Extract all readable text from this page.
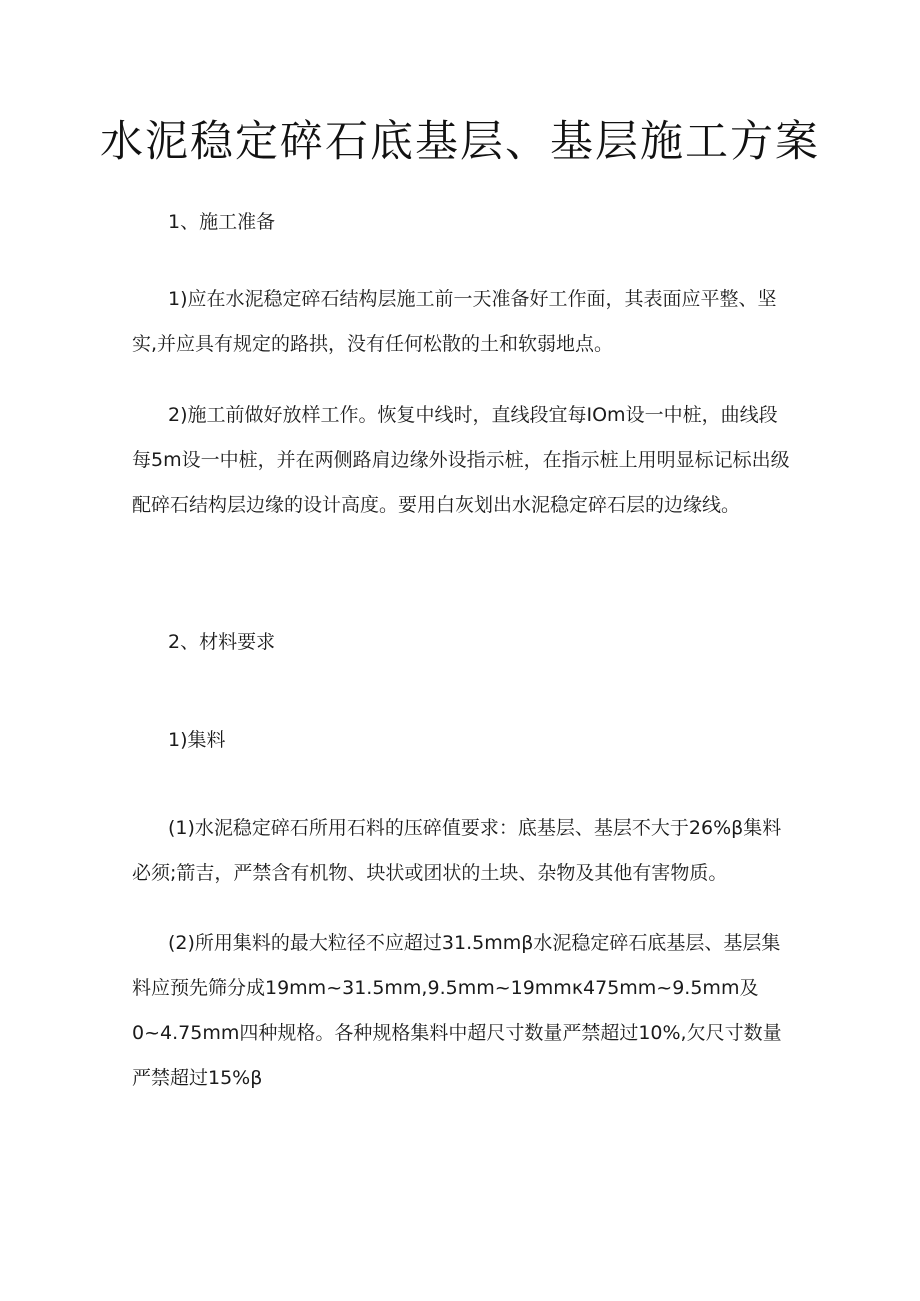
水泥稳定碎石底基层、基层施工方案

1、施工准备

1)应在水泥稳定碎石结构层施工前一天准备好工作面，其表面应平整、坚实,并应具有规定的路拱，没有任何松散的土和软弱地点。

2)施工前做好放样工作。恢复中线时，直线段宜每IOm设一中桩，曲线段每5m设一中桩，并在两侧路肩边缘外设指示桩，在指示桩上用明显标记标出级配碎石结构层边缘的设计高度。要用白灰划出水泥稳定碎石层的边缘线。

2、材料要求

1)集料

(1)水泥稳定碎石所用石料的压碎值要求：底基层、基层不大于26%β集料必须;箭吉，严禁含有机物、块状或团状的土块、杂物及其他有害物质。

(2)所用集料的最大粒径不应超过31.5mmβ水泥稳定碎石底基层、基层集料应预先筛分成19mm~31.5mm,9.5mm~19mmκ475mm~9.5mm及0~4.75mm四种规格。各种规格集料中超尺寸数量严禁超过10%,欠尺寸数量严禁超过15%β
